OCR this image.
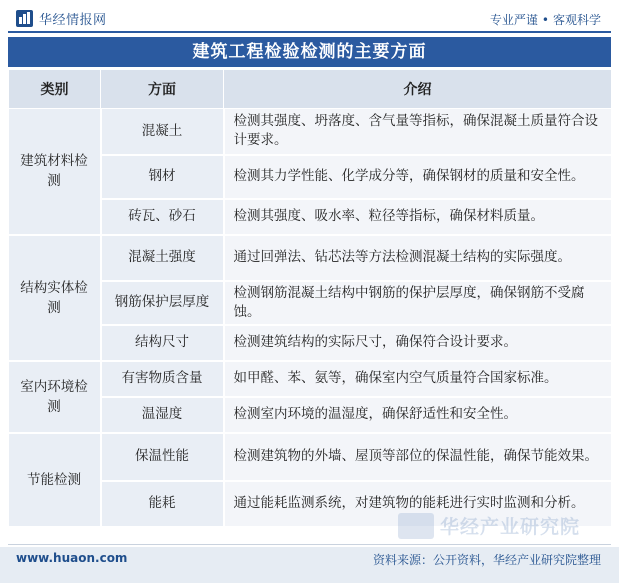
华经情报网	专业严谨 • 客观科学
建筑工程检验检测的主要方面
类别	方面	介绍
建筑材料检测	混凝土	检测其强度、坍落度、含气量等指标，确保混凝土质量符合设计要求。
	钢材	检测其力学性能、化学成分等，确保钢材的质量和安全性。
	砖瓦、砂石	检测其强度、吸水率、粒径等指标，确保材料质量。
结构实体检测	混凝土强度	通过回弹法、钻芯法等方法检测混凝土结构的实际强度。
	钢筋保护层厚度	检测钢筋混凝土结构中钢筋的保护层厚度，确保钢筋不受腐蚀。
	结构尺寸	检测建筑结构的实际尺寸，确保符合设计要求。
室内环境检测	有害物质含量	如甲醛、苯、氨等，确保室内空气质量符合国家标准。
	温湿度	检测室内环境的温湿度，确保舒适性和安全性。
节能检测	保温性能	检测建筑物的外墙、屋顶等部位的保温性能，确保节能效果。
	能耗	通过能耗监测系统，对建筑物的能耗进行实时监测和分析。
华经产业研究院
www.huaon.com	资料来源：公开资料，华经产业研究院整理
